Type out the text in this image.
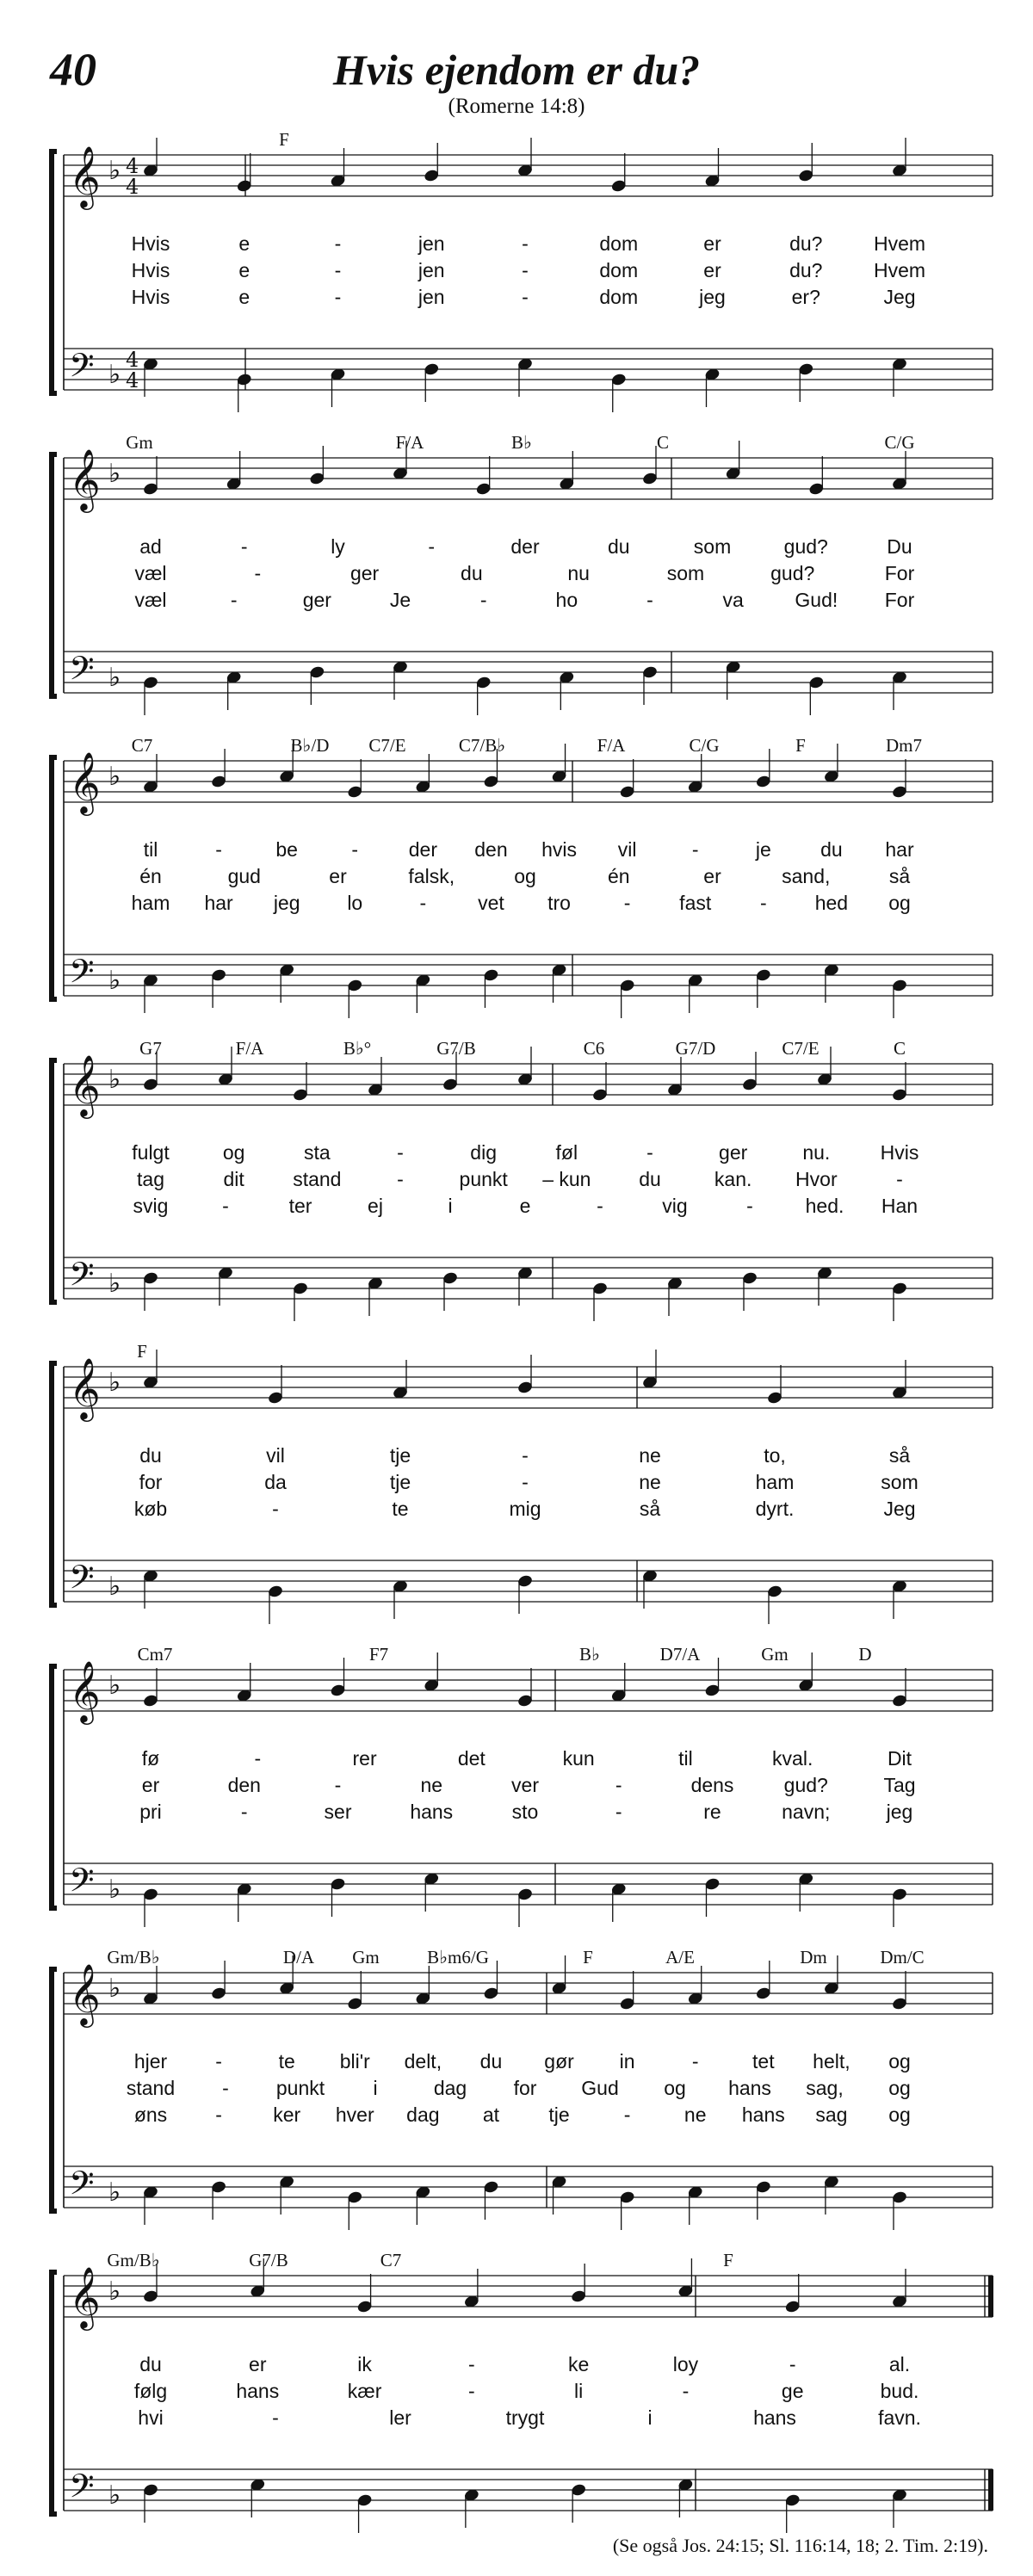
40	Hvis ejendom er du?
(Romerne 14:8)
𝄞 ♭ 4
4
𝄢 ♭ 4
4
F
Hvis	e	-	jen	-	dom	er	du?	Hvem
Hvis	e	-	jen	-	dom	er	du?	Hvem
Hvis	e	-	jen	-	dom	jeg	er?	Jeg
𝄞 ♭
𝄢 ♭
Gm	F/A	B♭	C	C/G
ad	-	ly	-	der	du	som	gud?	Du
væl	-	ger	du	nu	som	gud?	For
væl	-	ger	Je	-	ho	-	va	Gud! For
𝄞 ♭
𝄢 ♭
C7	B♭/D C7/E	C7/B♭	F/A	C/G	F	Dm7
til	-	be	-	der den hvis vil	-	je du har
én	gud	er	falsk,	og	én	er	sand,	så
ham har jeg lo	-	vet tro	- fast - hed og
𝄞 ♭
𝄢 ♭
G7	F/A	B♭°	G7/B	C6	G7/D	C7/E	C
fulgt	og	sta	-	dig	føl	-	ger	nu.	Hvis
tag	dit stand	-	punkt – kun du	kan. Hvor	-
svig	-	ter	ej	i	e	-	vig	-	hed. Han
𝄞 ♭
𝄢 ♭
F
du	vil	tje	-	ne	to,	så
for	da	tje	-	ne	ham	som
køb	-	te	mig	så	dyrt.	Jeg
𝄞 ♭
𝄢 ♭
Cm7	F7	B♭	D7/A	Gm	D
fø	-	rer	det	kun	til	kval.	Dit
er	den	-	ne	ver	-	dens	gud?	Tag
pri	-	ser	hans	sto	-	re	navn;	jeg
𝄞 ♭
𝄢 ♭
Gm/B♭	D/A Gm	B♭m6/G	F	A/E	Dm	Dm/C
hjer -	te bli'r delt, du gør in	-	tet helt, og
stand - punkt i	dag for Gud og hans sag, og
øns -	ker hver dag at tje	-	ne hans sag og
𝄞 ♭
𝄢 ♭
Gm/B♭	G7/B	C7	F
du	er	ik	-	ke	loy	-	al.
følg	hans	kær	-	li	-	ge	bud.
hvi	-	ler	trygt	i	hans	favn.
(Se også Jos. 24:15; Sl. 116:14, 18; 2. Tim. 2:19).
